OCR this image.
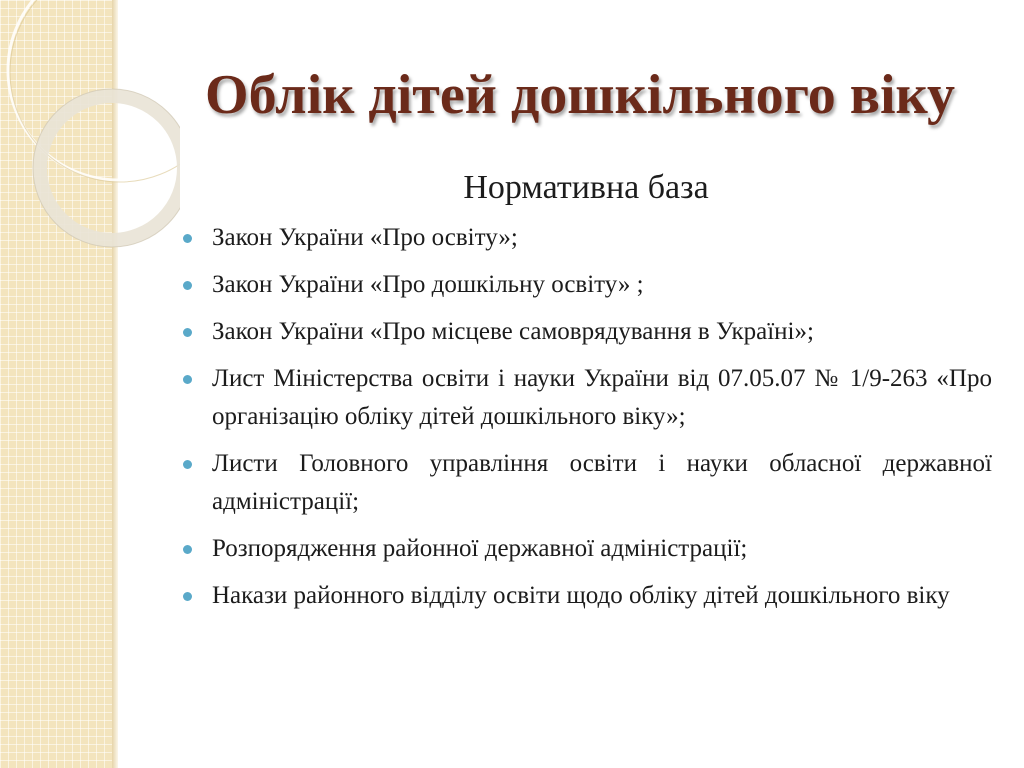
Облік дітей дошкільного віку
Нормативна база
Закон України «Про освіту»;
Закон України «Про дошкільну освіту» ;
Закон України «Про місцеве самоврядування в Україні»;
Лист Міністерства освіти і науки України від 07.05.07 № 1/9-263 «Про організацію обліку дітей дошкільного віку»;
Листи Головного управління освіти і науки обласної державної адміністрації;
Розпорядження районної державної адміністрації;
Накази районного відділу освіти щодо обліку дітей дошкільного віку
